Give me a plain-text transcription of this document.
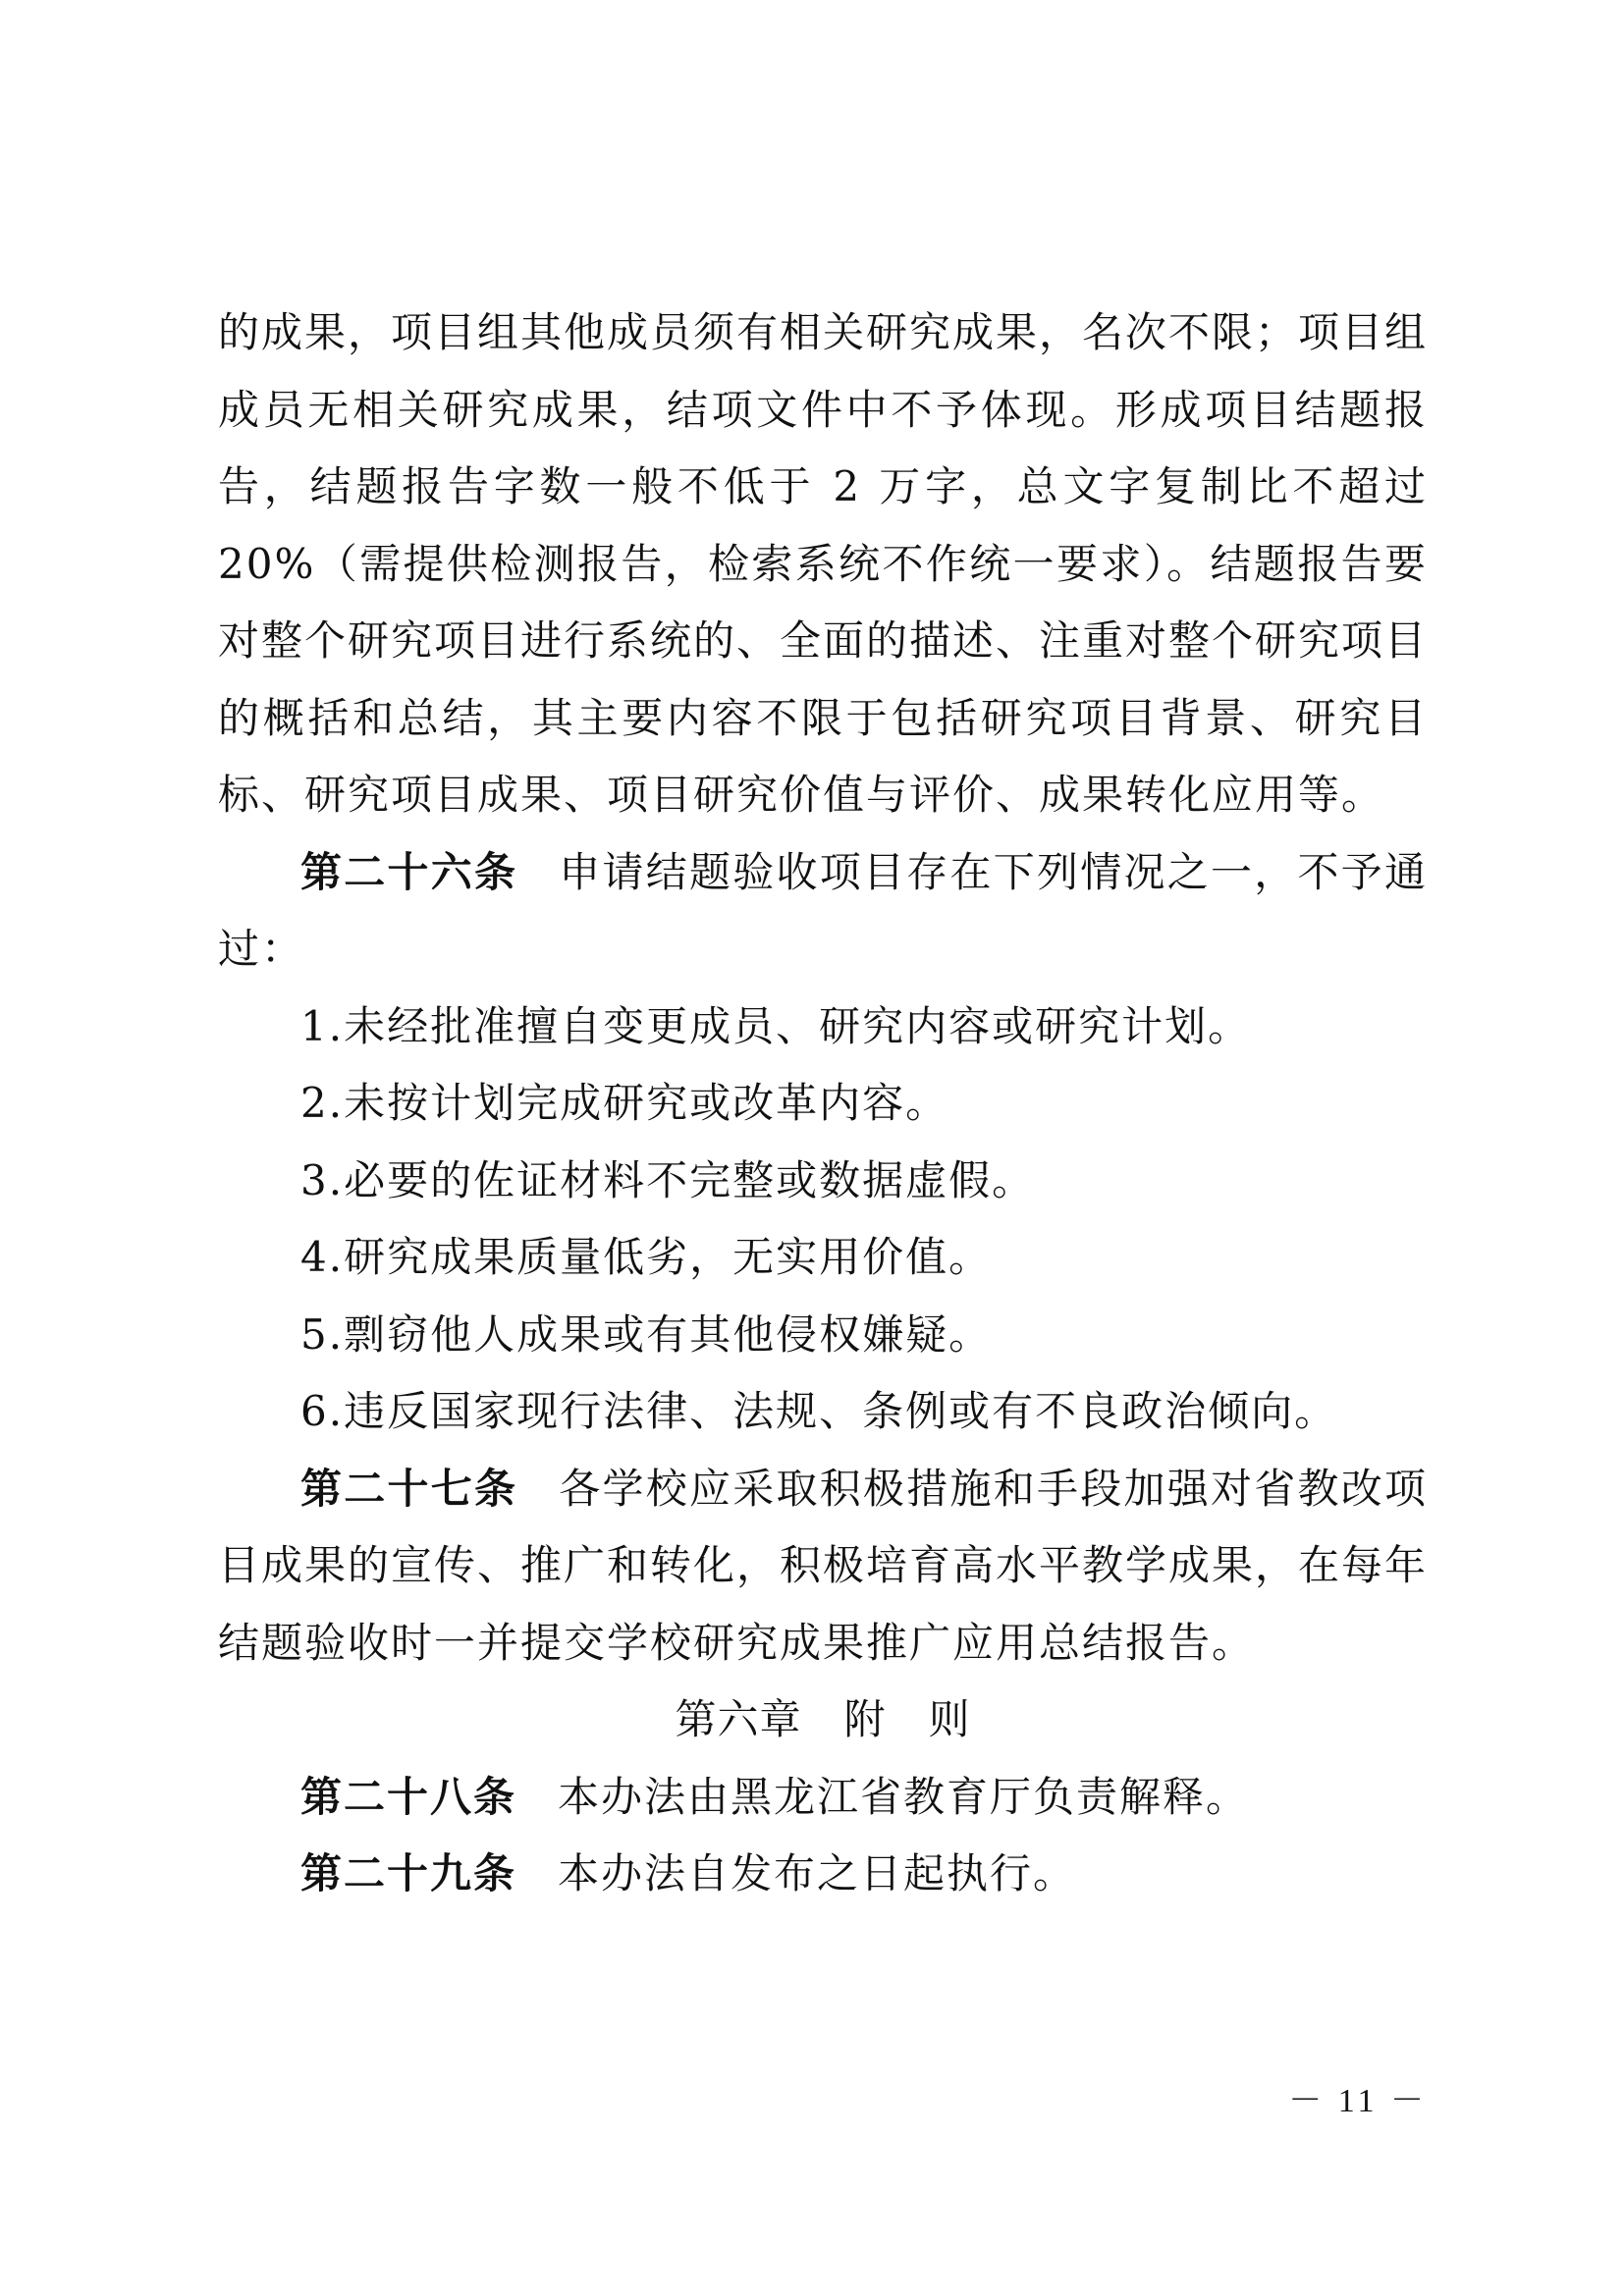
的成果，项目组其他成员须有相关研究成果，名次不限；项目组成员无相关研究成果，结项文件中不予体现。形成项目结题报告，结题报告字数一般不低于 2 万字，总文字复制比不超过 20%（需提供检测报告，检索系统不作统一要求）。结题报告要对整个研究项目进行系统的、全面的描述、注重对整个研究项目的概括和总结，其主要内容不限于包括研究项目背景、研究目标、研究项目成果、项目研究价值与评价、成果转化应用等。

第二十六条 申请结题验收项目存在下列情况之一，不予通过：

1.未经批准擅自变更成员、研究内容或研究计划。

2.未按计划完成研究或改革内容。

3.必要的佐证材料不完整或数据虚假。

4.研究成果质量低劣，无实用价值。

5.剽窃他人成果或有其他侵权嫌疑。

6.违反国家现行法律、法规、条例或有不良政治倾向。

第二十七条 各学校应采取积极措施和手段加强对省教改项目成果的宣传、推广和转化，积极培育高水平教学成果，在每年结题验收时一并提交学校研究成果推广应用总结报告。

第六章　附　则

第二十八条 本办法由黑龙江省教育厅负责解释。

第二十九条 本办法自发布之日起执行。

－ 11 －
